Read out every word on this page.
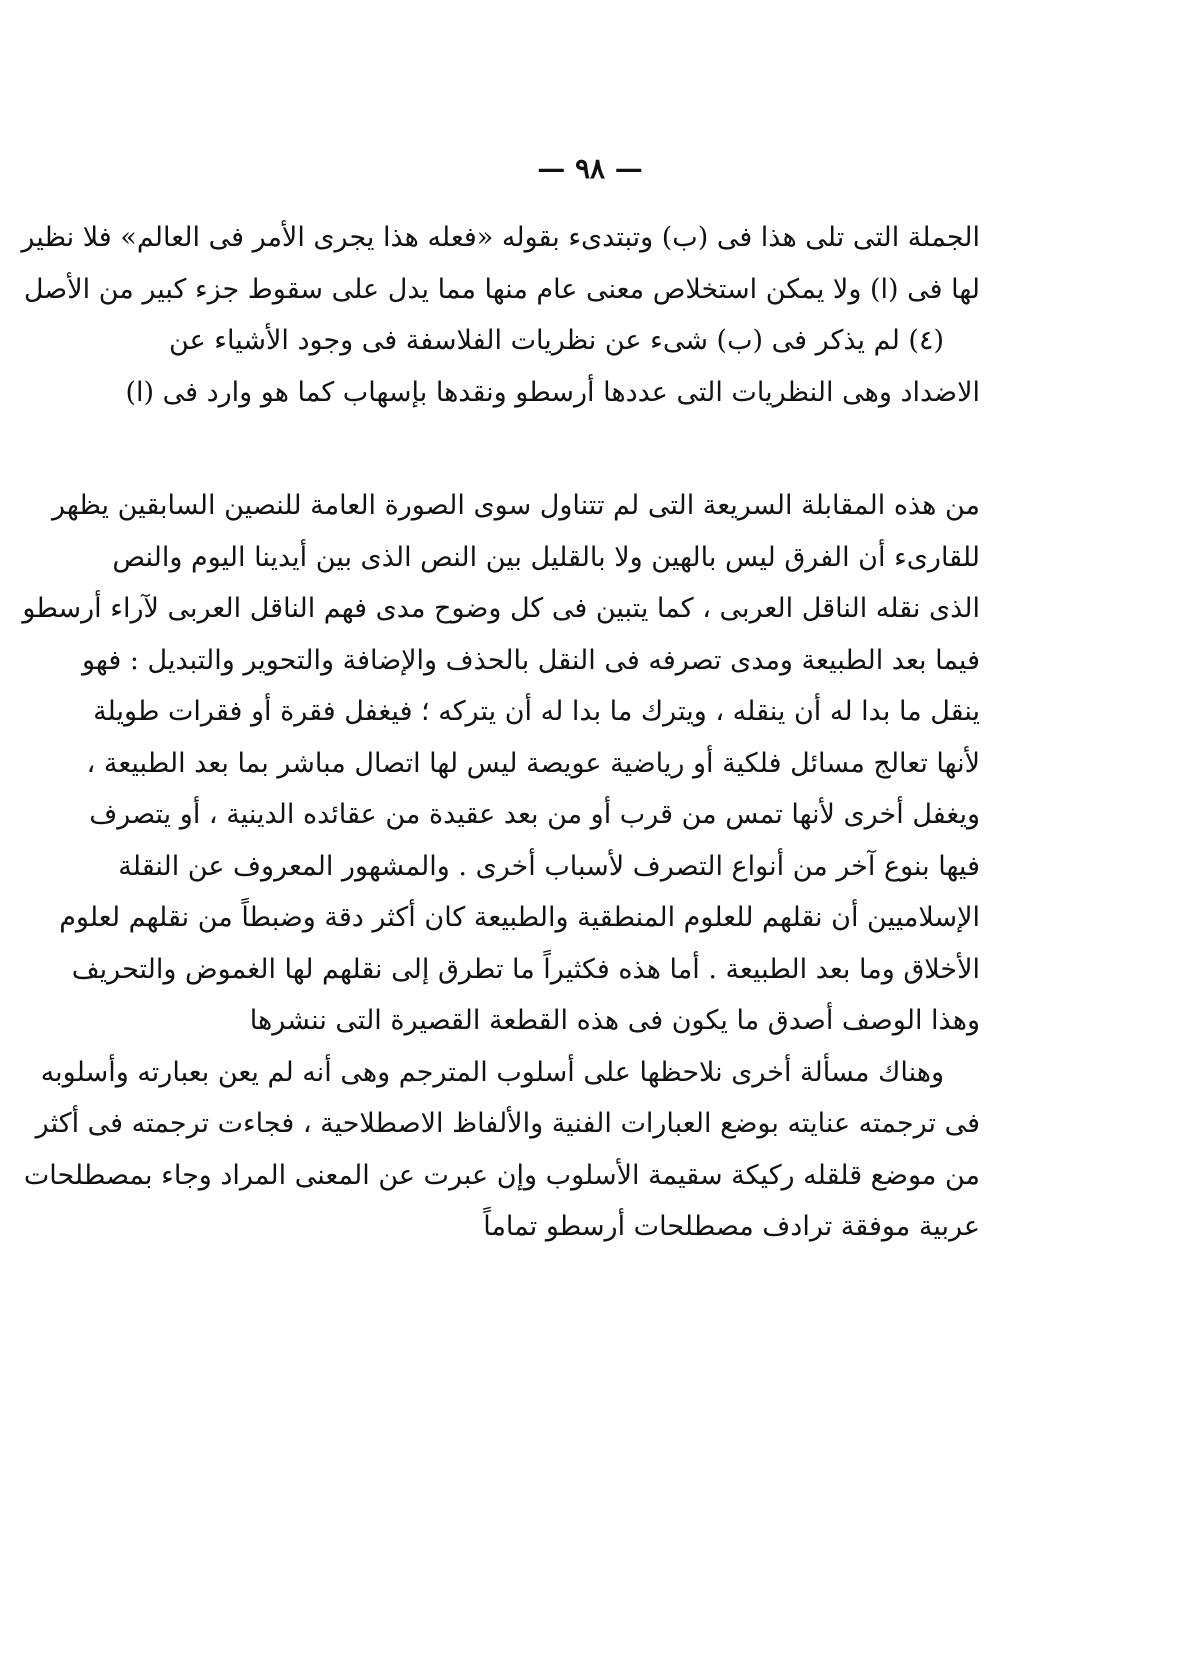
— ٩٨ —
الجملة التى تلى هذا فى (ب) وتبتدىء بقوله «فعله هذا يجرى الأمر فى العالم» فلا نظير
لها فى (ا) ولا يمكن استخلاص معنى عام منها مما يدل على سقوط جزء كبير من الأصل
(٤) لم يذكر فى (ب) شىء عن نظريات الفلاسفة فى وجود الأشياء عن
الاضداد وهى النظريات التى عددها أرسطو ونقدها بإسهاب كما هو وارد فى (ا)
من هذه المقابلة السريعة التى لم تتناول سوى الصورة العامة للنصين السابقين يظهر
للقارىء أن الفرق ليس بالهين ولا بالقليل بين النص الذى بين أيدينا اليوم والنص
الذى نقله الناقل العربى ، كما يتبين فى كل وضوح مدى فهم الناقل العربى لآراء أرسطو
فيما بعد الطبيعة ومدى تصرفه فى النقل بالحذف والإضافة والتحوير والتبديل : فهو
ينقل ما بدا له أن ينقله ، ويترك ما بدا له أن يتركه ؛ فيغفل فقرة أو فقرات طويلة
لأنها تعالج مسائل فلكية أو رياضية عويصة ليس لها اتصال مباشر بما بعد الطبيعة ،
ويغفل أخرى لأنها تمس من قرب أو من بعد عقيدة من عقائده الدينية ، أو يتصرف
فيها بنوع آخر من أنواع التصرف لأسباب أخرى . والمشهور المعروف عن النقلة
الإسلاميين أن نقلهم للعلوم المنطقية والطبيعة كان أكثر دقة وضبطاً من نقلهم لعلوم
الأخلاق وما بعد الطبيعة . أما هذه فكثيراً ما تطرق إلى نقلهم لها الغموض والتحريف
وهذا الوصف أصدق ما يكون فى هذه القطعة القصيرة التى ننشرها
وهناك مسألة أخرى نلاحظها على أسلوب المترجم وهى أنه لم يعن بعبارته وأسلوبه
فى ترجمته عنايته بوضع العبارات الفنية والألفاظ الاصطلاحية ، فجاءت ترجمته فى أكثر
من موضع قلقله ركيكة سقيمة الأسلوب وإن عبرت عن المعنى المراد وجاء بمصطلحات
عربية موفقة ترادف مصطلحات أرسطو تماماً
